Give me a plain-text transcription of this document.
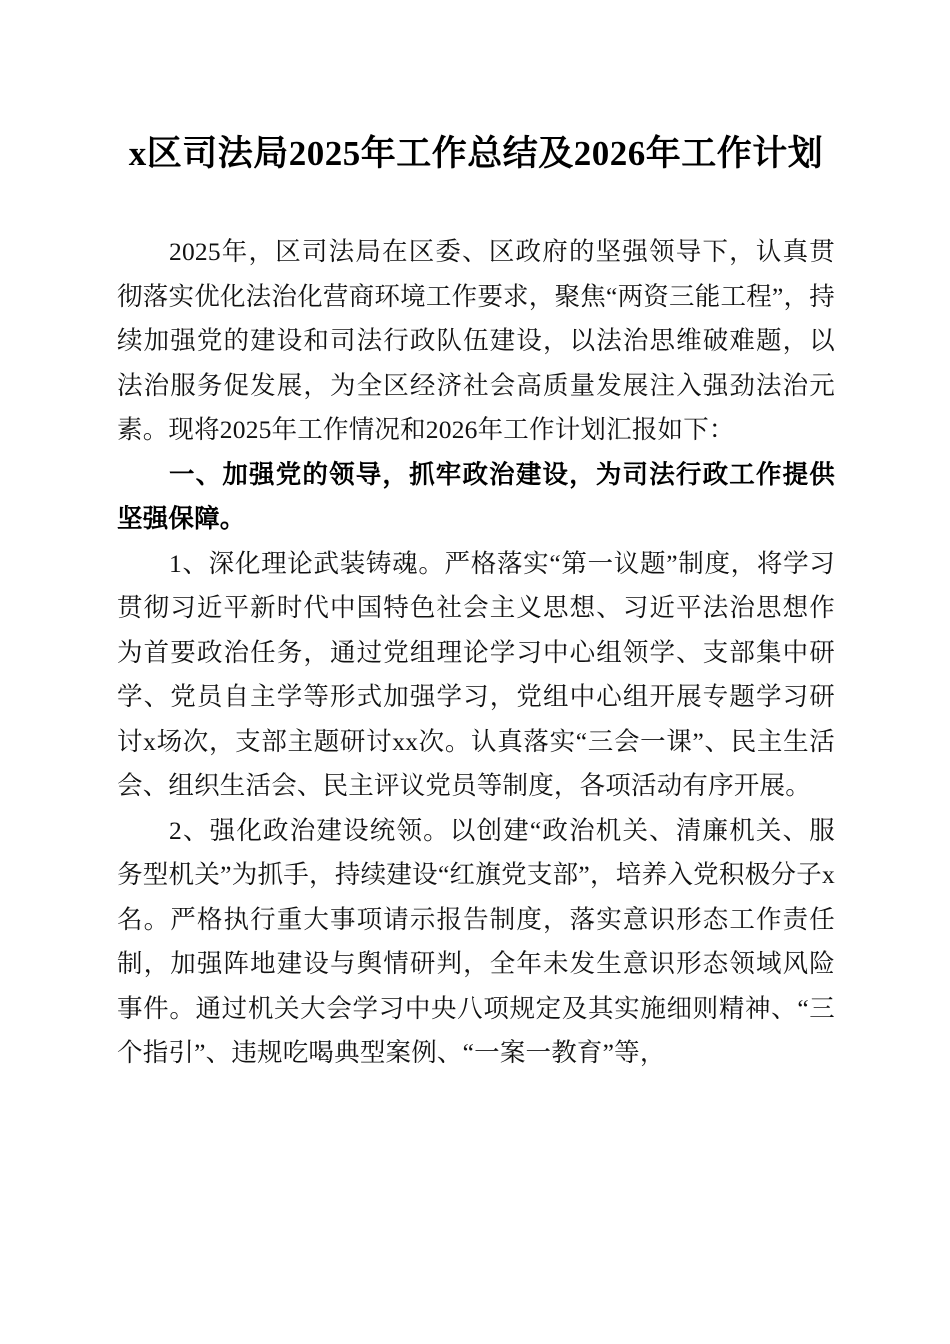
x区司法局2025年工作总结及2026年工作计划

2025年，区司法局在区委、区政府的坚强领导下，认真贯彻落实优化法治化营商环境工作要求，聚焦“两资三能工程”，持续加强党的建设和司法行政队伍建设，以法治思维破难题，以法治服务促发展，为全区经济社会高质量发展注入强劲法治元素。现将2025年工作情况和2026年工作计划汇报如下：

一、加强党的领导，抓牢政治建设，为司法行政工作提供坚强保障。

1、深化理论武装铸魂。严格落实“第一议题”制度，将学习贯彻习近平新时代中国特色社会主义思想、习近平法治思想作为首要政治任务，通过党组理论学习中心组领学、支部集中研学、党员自主学等形式加强学习，党组中心组开展专题学习研讨x场次，支部主题研讨xx次。认真落实“三会一课”、民主生活会、组织生活会、民主评议党员等制度，各项活动有序开展。

2、强化政治建设统领。以创建“政治机关、清廉机关、服务型机关”为抓手，持续建设“红旗党支部”，培养入党积极分子x名。严格执行重大事项请示报告制度，落实意识形态工作责任制，加强阵地建设与舆情研判，全年未发生意识形态领域风险事件。通过机关大会学习中央八项规定及其实施细则精神、“三个指引”、违规吃喝典型案例、“一案一教育”等，
